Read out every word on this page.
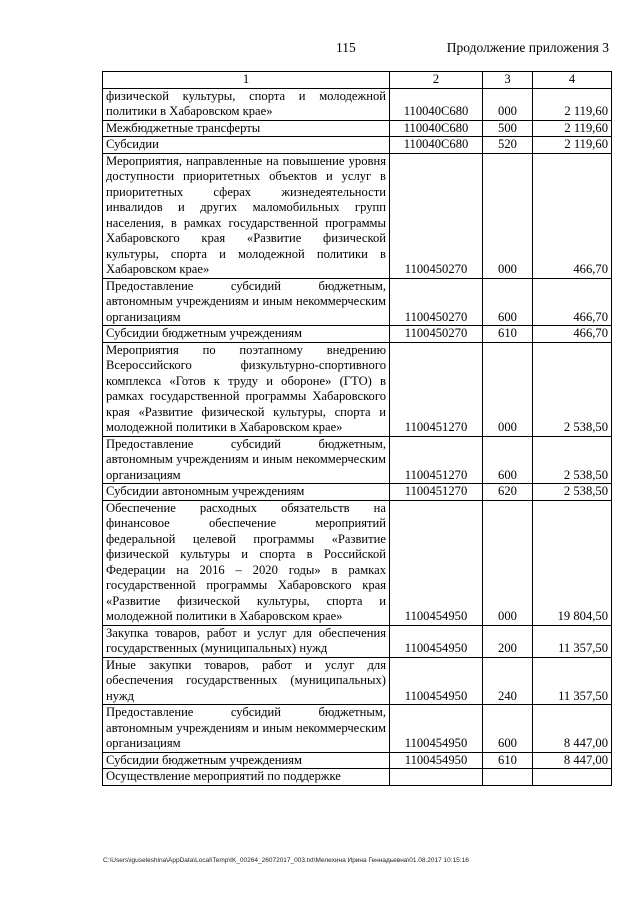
115	Продолжение приложения 3
1	2	3	4
физической культуры, спорта и молодежной политики в Хабаровском крае»	110040С680	000	2 119,60
Межбюджетные трансферты	110040С680	500	2 119,60
Субсидии	110040С680	520	2 119,60
Мероприятия, направленные на повышение уровня доступности приоритетных объектов и услуг в приоритетных сферах жизнедеятельности инвалидов и других маломобильных групп населения, в рамках государственной программы Хабаровского края «Развитие физической культуры, спорта и молодежной политики в Хабаровском крае»	1100450270	000	466,70
Предоставление субсидий бюджетным, автономным учреждениям и иным некоммерческим организациям	1100450270	600	466,70
Субсидии бюджетным учреждениям	1100450270	610	466,70
Мероприятия по поэтапному внедрению Всероссийского физкультурно-спортивного комплекса «Готов к труду и обороне» (ГТО) в рамках государственной программы Хабаровского края «Развитие физической культуры, спорта и молодежной политики в Хабаровском крае»	1100451270	000	2 538,50
Предоставление субсидий бюджетным, автономным учреждениям и иным некоммерческим организациям	1100451270	600	2 538,50
Субсидии автономным учреждениям	1100451270	620	2 538,50
Обеспечение расходных обязательств на финансовое обеспечение мероприятий федеральной целевой программы «Развитие физической культуры и спорта в Российской Федерации на 2016 – 2020 годы» в рамках государственной программы Хабаровского края «Развитие физической культуры, спорта и молодежной политики в Хабаровском крае»	1100454950	000	19 804,50
Закупка товаров, работ и услуг для обеспечения государственных (муниципальных) нужд	1100454950	200	11 357,50
Иные закупки товаров, работ и услуг для обеспечения государственных (муниципальных) нужд	1100454950	240	11 357,50
Предоставление субсидий бюджетным, автономным учреждениям и иным некоммерческим организациям	1100454950	600	8 447,00
Субсидии бюджетным учреждениям	1100454950	610	8 447,00
Осуществление мероприятий по поддержке			
C:\Users\iguseleshina\AppData\Local\Temp\IK_00264_26072017_003.txt\Мелехина Ирина Геннадьевна\01.08.2017 10:15:16
